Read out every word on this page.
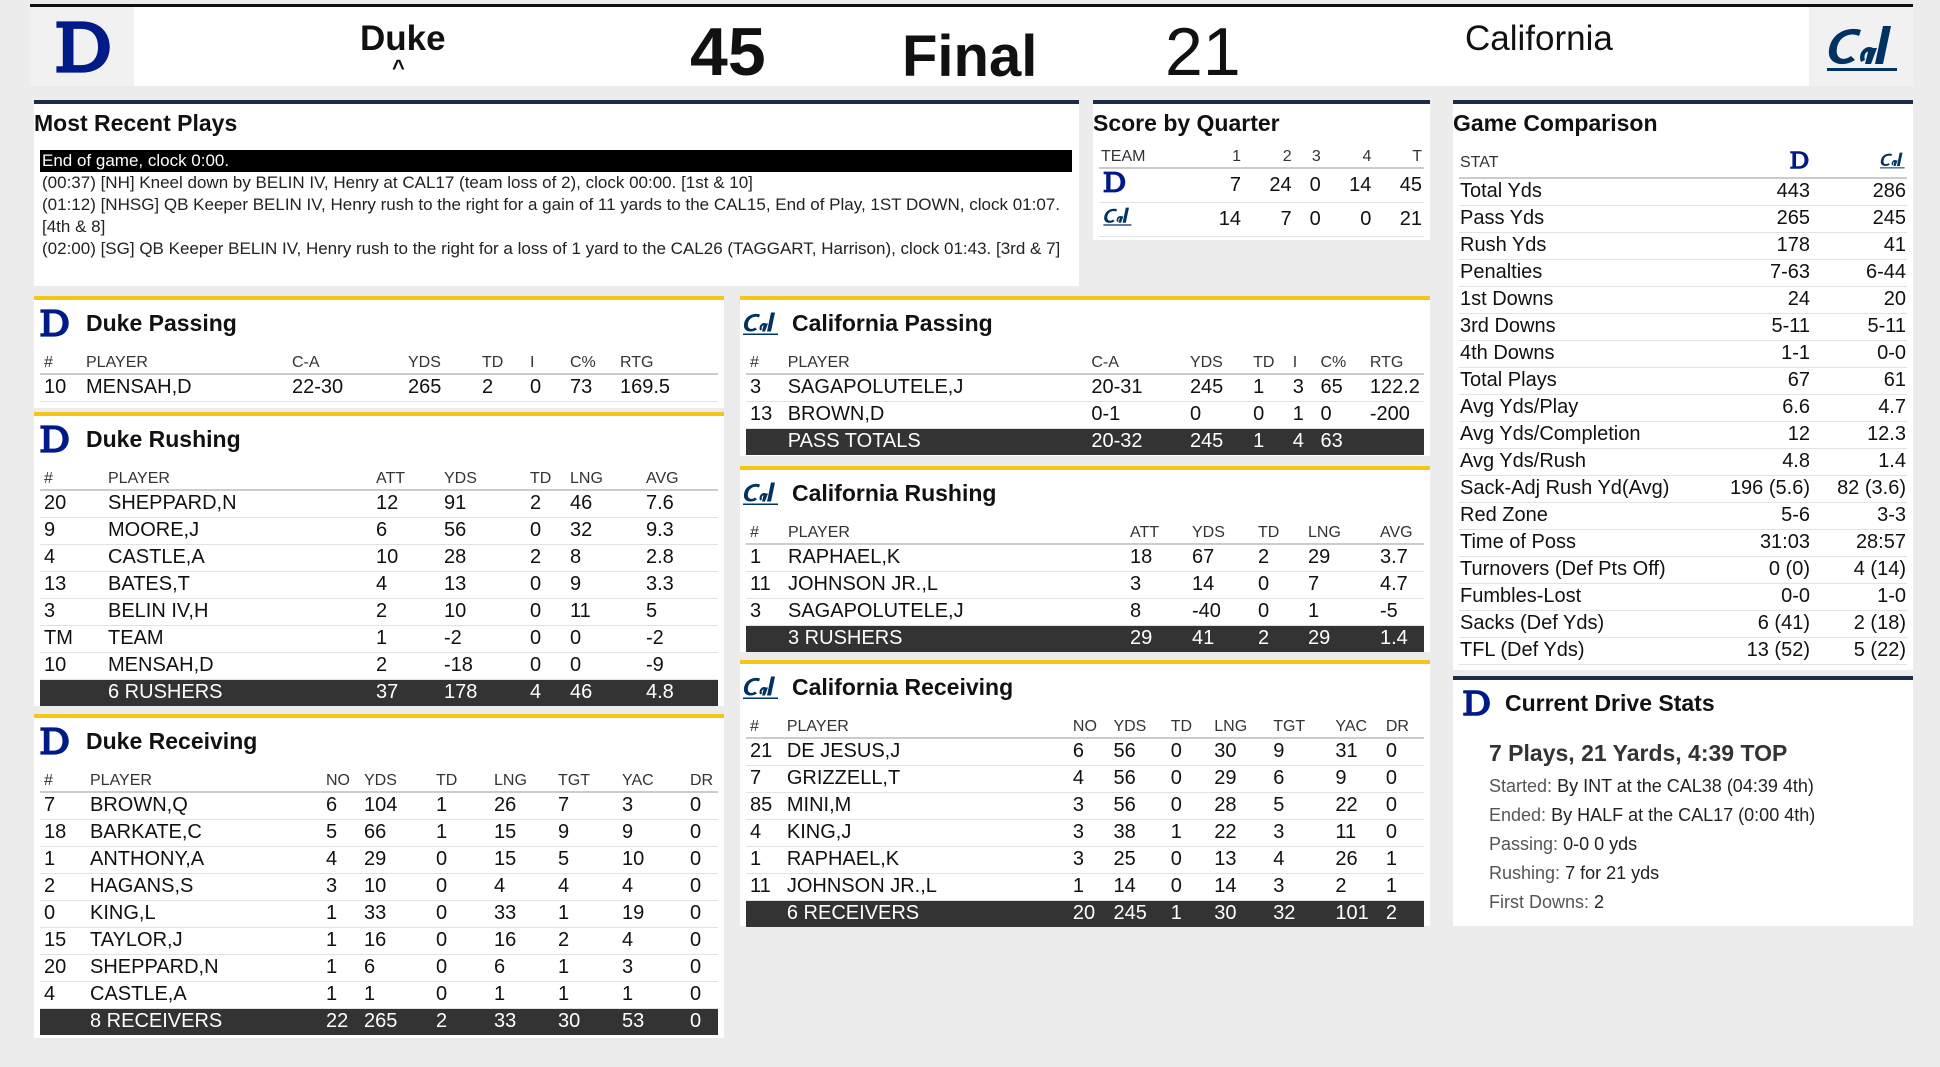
Duke
^	45 Final 21	California
Most Recent Plays
End of game, clock 0:00.
(00:37) [NH] Kneel down by BELIN IV, Henry at CAL17 (team loss of 2), clock 00:00. [1st & 10]
(01:12) [NHSG] QB Keeper BELIN IV, Henry rush to the right for a gain of 11 yards to the CAL15, End of Play, 1ST DOWN, clock 01:07. [4th & 8]
(02:00) [SG] QB Keeper BELIN IV, Henry rush to the right for a loss of 1 yard to the CAL26 (TAGGART, Harrison), clock 01:43. [3rd & 7]
Score by Quarter
TEAM	1	2	3	4	T
	7	24	0	14	45
	14	7	0	0	21
Game Comparison
STAT		
Total Yds	443	286
Pass Yds	265	245
Rush Yds	178	41
Penalties	7-63	6-44
1st Downs	24	20
3rd Downs	5-11	5-11
4th Downs	1-1	0-0
Total Plays	67	61
Avg Yds/Play	6.6	4.7
Avg Yds/Completion	12	12.3
Avg Yds/Rush	4.8	1.4
Sack-Adj Rush Yd(Avg)	196 (5.6)	82 (3.6)
Red Zone	5-6	3-3
Time of Poss	31:03	28:57
Turnovers (Def Pts Off)	0 (0)	4 (14)
Fumbles-Lost	0-0	1-0
Sacks (Def Yds)	6 (41)	2 (18)
TFL (Def Yds)	13 (52)	5 (22)
Current Drive Stats
7 Plays, 21 Yards, 4:39 TOP
Started: By INT at the CAL38 (04:39 4th)
Ended: By HALF at the CAL17 (0:00 4th)
Passing: 0-0 0 yds
Rushing: 7 for 21 yds
First Downs: 2
Duke Passing
#	PLAYER	C-A	YDS	TD	I	C%	RTG
10	MENSAH,D	22-30	265	2	0	73	169.5
Duke Rushing
#	PLAYER	ATT	YDS	TD	LNG	AVG
20	SHEPPARD,N	12	91	2	46	7.6
9	MOORE,J	6	56	0	32	9.3
4	CASTLE,A	10	28	2	8	2.8
13	BATES,T	4	13	0	9	3.3
3	BELIN IV,H	2	10	0	11	5
TM	TEAM	1	-2	0	0	-2
10	MENSAH,D	2	-18	0	0	-9
	6 RUSHERS	37	178	4	46	4.8
Duke Receiving
#	PLAYER	NO	YDS	TD	LNG	TGT	YAC	DR
7	BROWN,Q	6	104	1	26	7	3	0
18	BARKATE,C	5	66	1	15	9	9	0
1	ANTHONY,A	4	29	0	15	5	10	0
2	HAGANS,S	3	10	0	4	4	4	0
0	KING,L	1	33	0	33	1	19	0
15	TAYLOR,J	1	16	0	16	2	4	0
20	SHEPPARD,N	1	6	0	6	1	3	0
4	CASTLE,A	1	1	0	1	1	1	0
	8 RECEIVERS	22	265	2	33	30	53	0
California Passing
#	PLAYER	C-A	YDS	TD	I	C%	RTG
3	SAGAPOLUTELE,J	20-31	245	1	3	65	122.2
13	BROWN,D	0-1	0	0	1	0	-200
	PASS TOTALS	20-32	245	1	4	63	
California Rushing
#	PLAYER	ATT	YDS	TD	LNG	AVG
1	RAPHAEL,K	18	67	2	29	3.7
11	JOHNSON JR.,L	3	14	0	7	4.7
3	SAGAPOLUTELE,J	8	-40	0	1	-5
	3 RUSHERS	29	41	2	29	1.4
California Receiving
#	PLAYER	NO	YDS	TD	LNG	TGT	YAC	DR
21	DE JESUS,J	6	56	0	30	9	31	0
7	GRIZZELL,T	4	56	0	29	6	9	0
85	MINI,M	3	56	0	28	5	22	0
4	KING,J	3	38	1	22	3	11	0
1	RAPHAEL,K	3	25	0	13	4	26	1
11	JOHNSON JR.,L	1	14	0	14	3	2	1
	6 RECEIVERS	20	245	1	30	32	101	2
